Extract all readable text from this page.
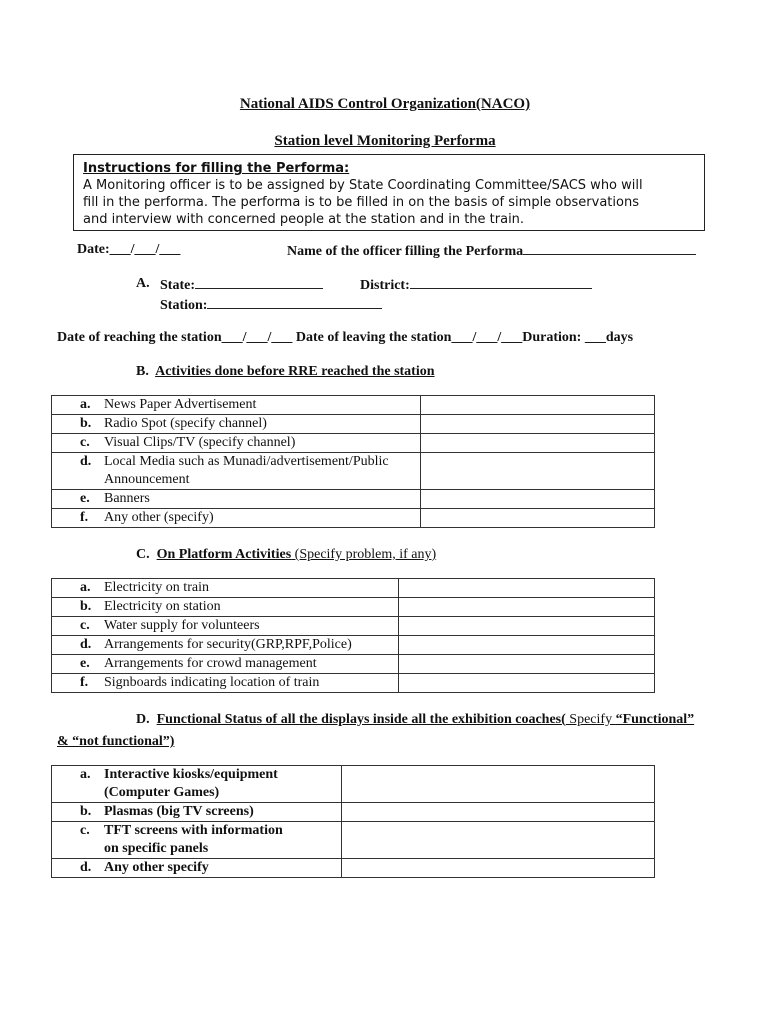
National AIDS Control Organization(NACO)
Station level Monitoring Performa
Instructions for filling the Performa:
A Monitoring officer is to be assigned by State Coordinating Committee/SACS who will
fill in the performa. The performa is to be filled in on the basis of simple observations
and interview with concerned people at the station and in the train.
Date:___/___/___	Name of the officer filling the Performa
A. State:	District:
Station:
Date of reaching the station___/___/___ Date of leaving the station___/___/___Duration: ___days
B. Activities done before RRE reached the station
a. News Paper Advertisement	

b. Radio Spot (specify channel)	

c. Visual Clips/TV (specify channel)	

d. Local Media such as Munadi/advertisement/Public
Announcement	

e. Banners	

f. Any other (specify)	

C. On Platform Activities (Specify problem, if any)
a. Electricity on train	

b. Electricity on station	

c. Water supply for volunteers	

d. Arrangements for security(GRP,RPF,Police)	

e. Arrangements for crowd management	

f. Signboards indicating location of train	

D. Functional Status of all the displays inside all the exhibition coaches( Specify “Functional”
& “not functional”)
a. Interactive kiosks/equipment
(Computer Games)	

b. Plasmas (big TV screens)	

c. TFT screens with information
on specific panels	

d. Any other specify	
